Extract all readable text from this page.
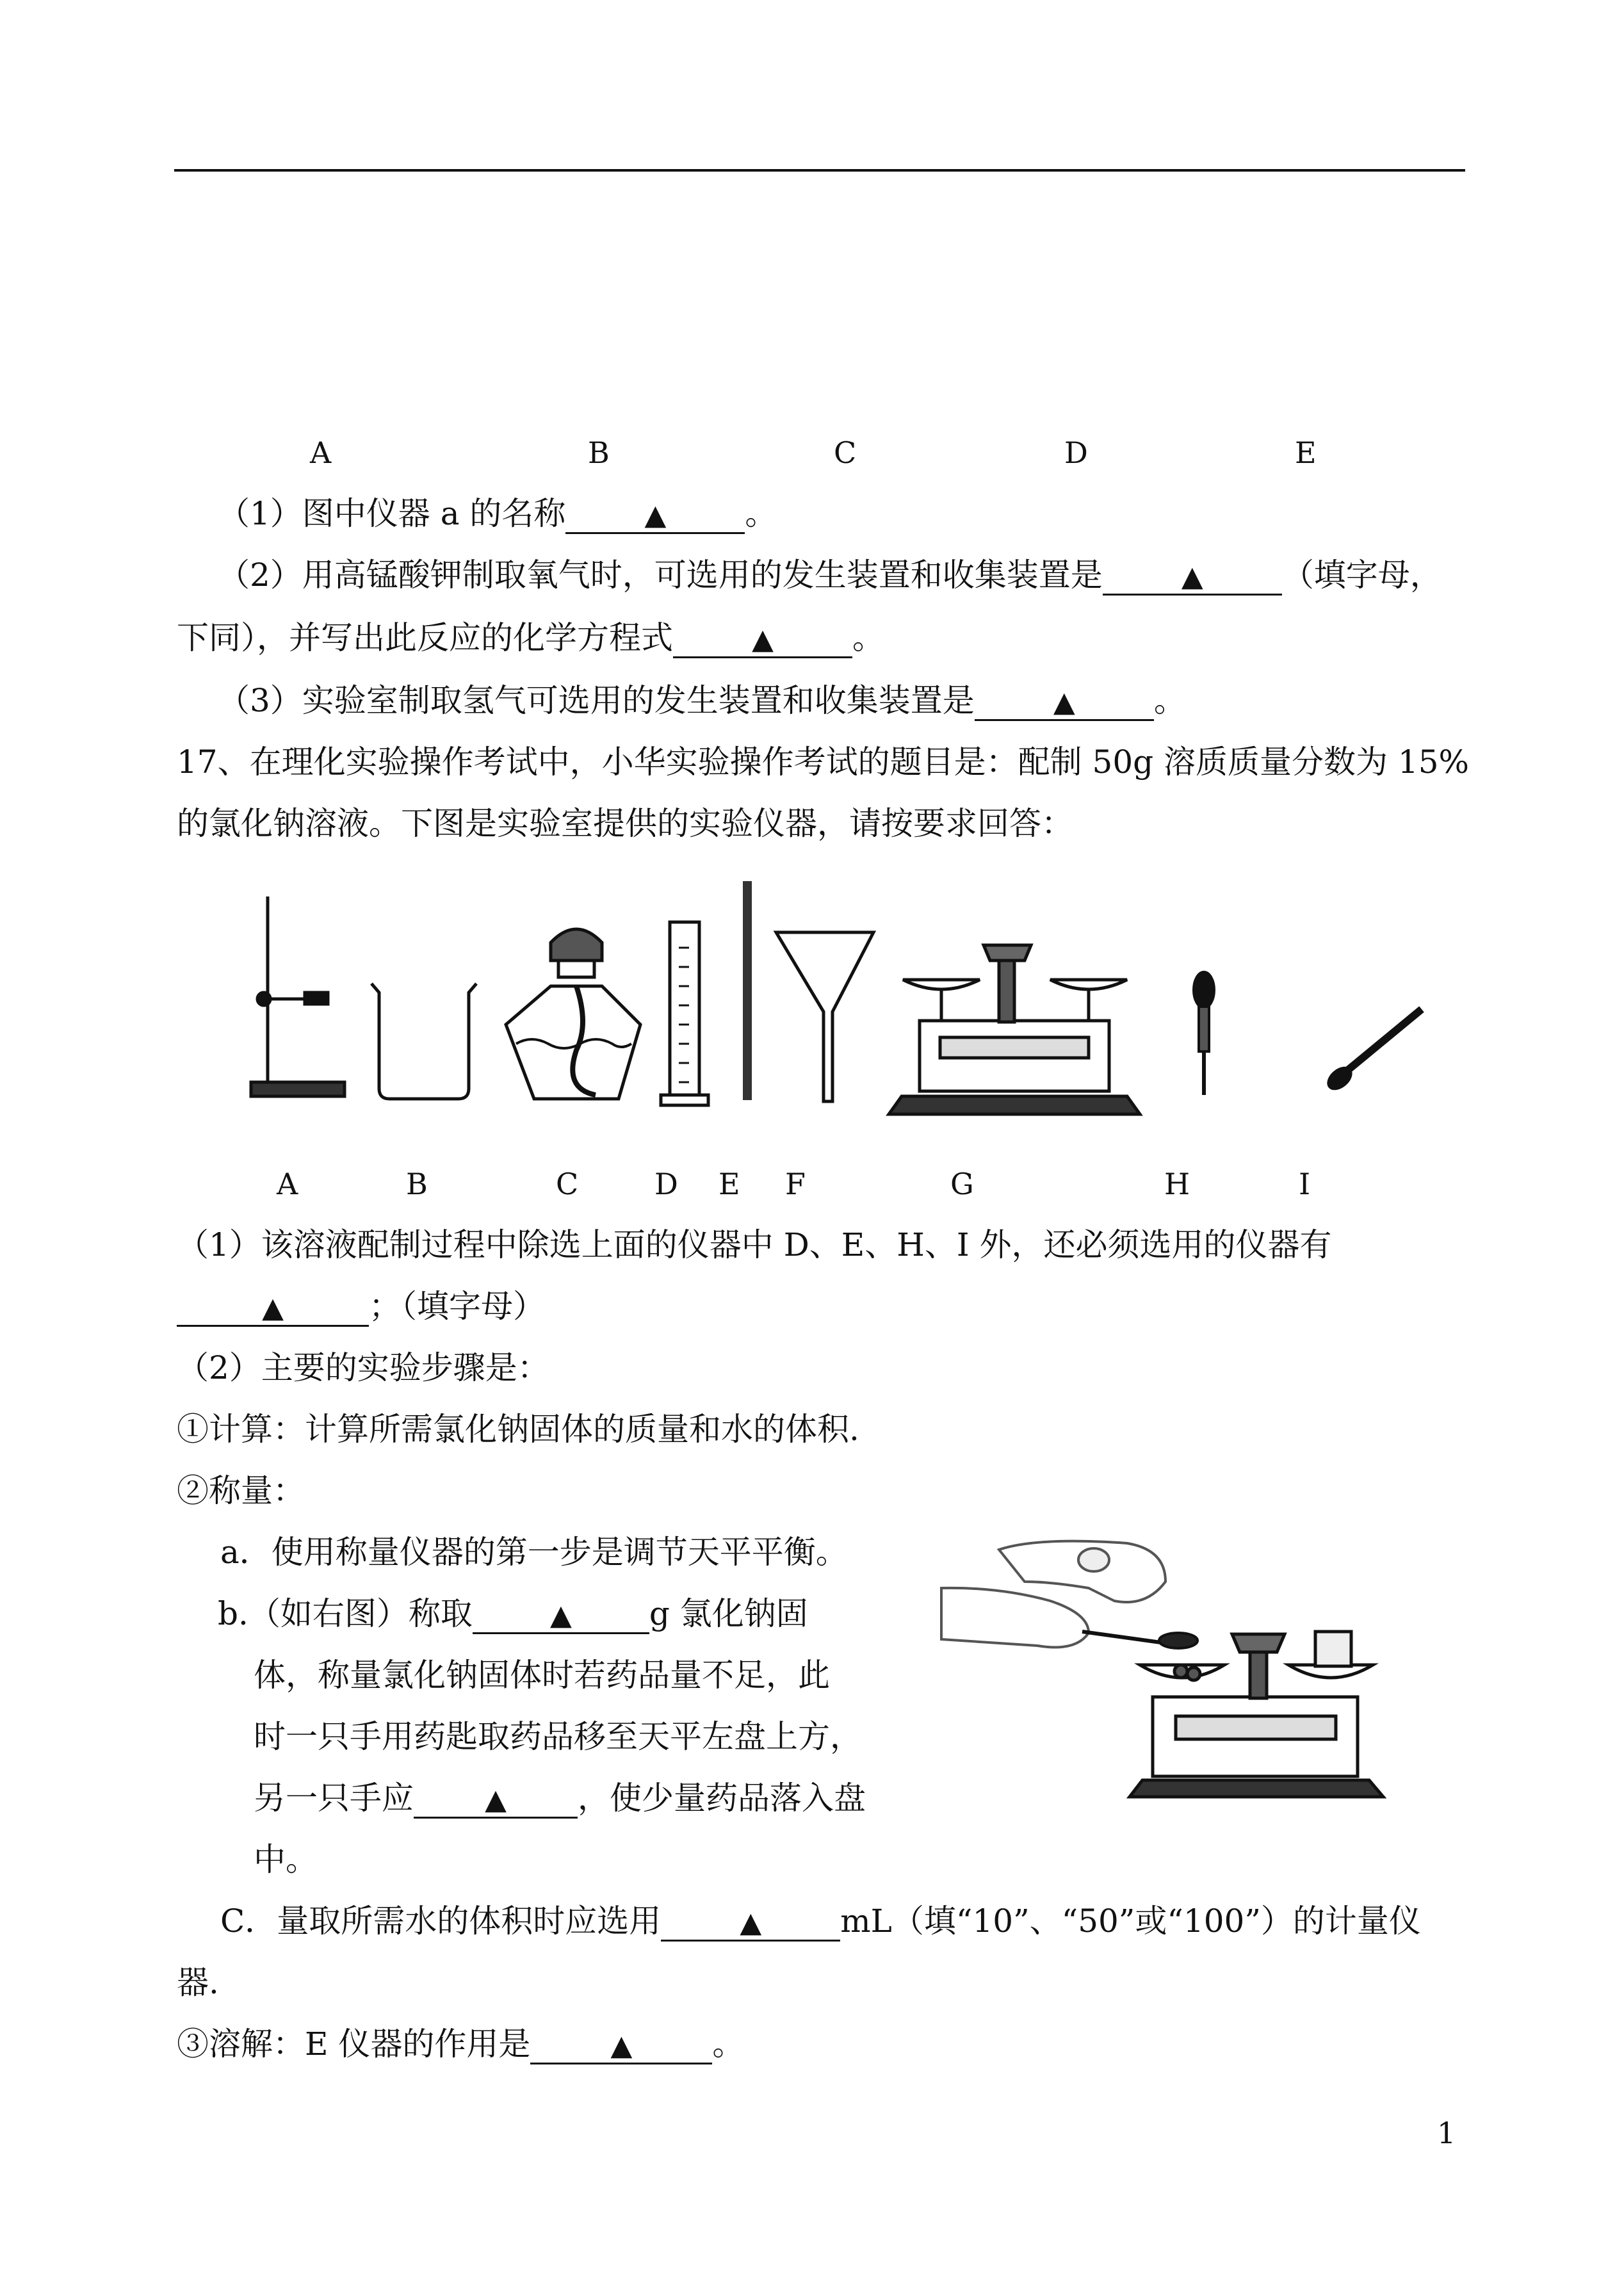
A	B	C	D	E
（1）图中仪器 a 的名称	▲ 。
（2）用高锰酸钾制取氧气时，可选用的发生装置和收集装置是	▲ （填字母，
下同），并写出此反应的化学方程式	▲ 。
（3）实验室制取氢气可选用的发生装置和收集装置是	▲ 。
17、在理化实验操作考试中，小华实验操作考试的题目是：配制 50g 溶质质量分数为 15%
的氯化钠溶液。下图是实验室提供的实验仪器，请按要求回答：
A	B	C	D E F	G	H	I
（1）该溶液配制过程中除选上面的仪器中 D、E、H、I 外，还必须选用的仪器有
▲	；（填字母）
（2）主要的实验步骤是：
①计算：计算所需氯化钠固体的质量和水的体积.
②称量：
a．使用称量仪器的第一步是调节天平平衡。
b.（如右图）称取	▲ g 氯化钠固
体，称量氯化钠固体时若药品量不足，此
时一只手用药匙取药品移至天平左盘上方，
另一只手应	▲ ，使少量药品落入盘
中。
C．量取所需水的体积时应选用	▲ mL（填“10”、“50”或“100”）的计量仪
器.
③溶解：E 仪器的作用是	▲	。
1
